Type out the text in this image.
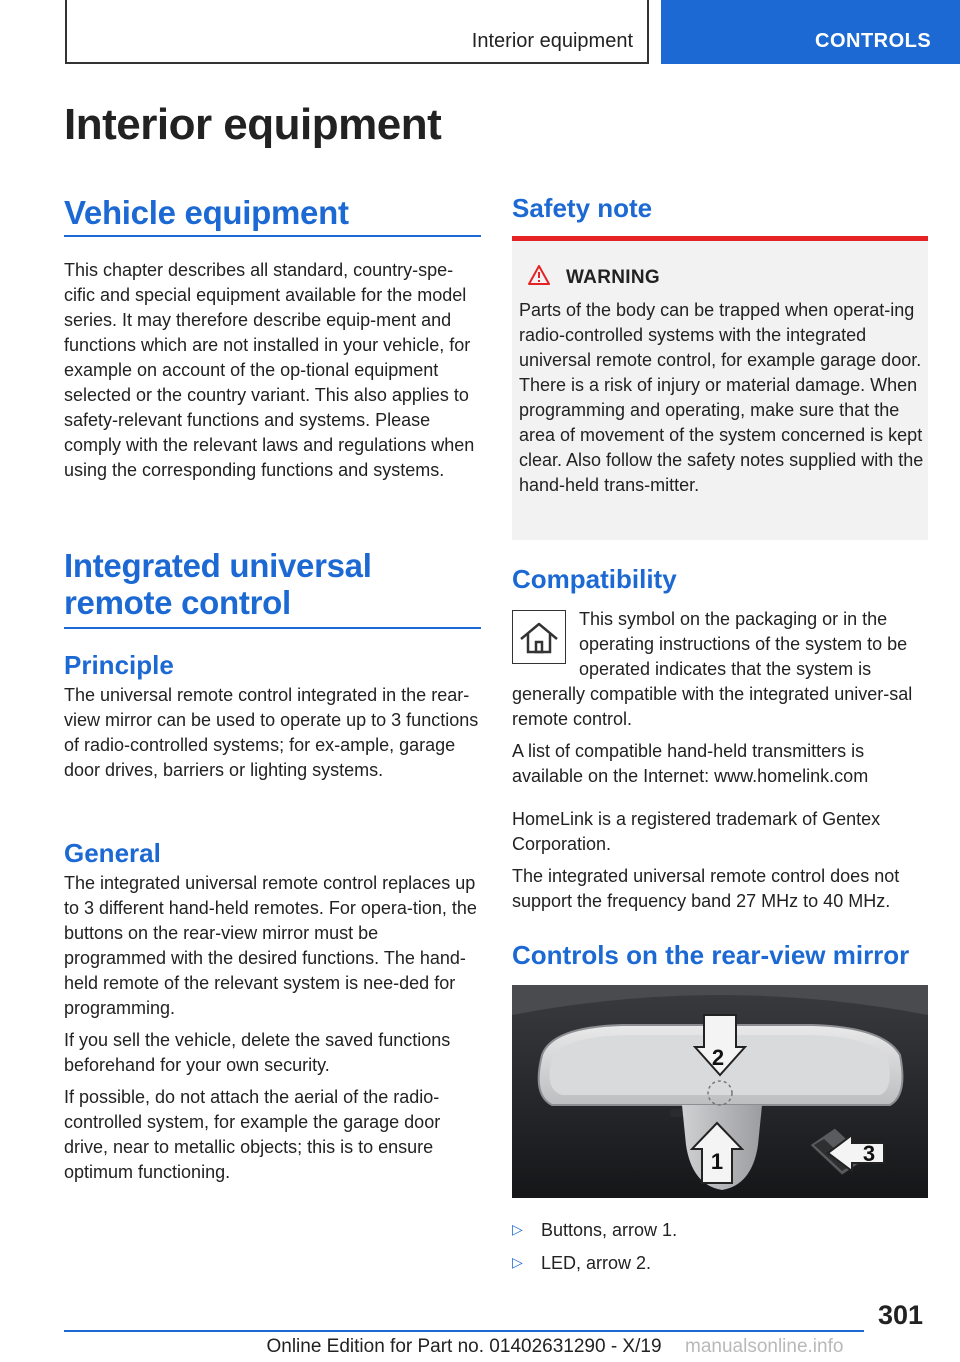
Interior equipment	CONTROLS
Interior equipment
Vehicle equipment

This chapter describes all standard, country-spe-cific and special equipment available for the model series. It may therefore describe equip-ment and functions which are not installed in your vehicle, for example on account of the op-tional equipment selected or the country variant. This also applies to safety-relevant functions and systems. Please comply with the relevant laws and regulations when using the corresponding functions and systems.

Integrated universal remote control
Principle

The universal remote control integrated in the rear-view mirror can be used to operate up to 3 functions of radio-controlled systems; for ex-ample, garage door drives, barriers or lighting systems.

General

The integrated universal remote control replaces up to 3 different hand-held remotes. For opera-tion, the buttons on the rear-view mirror must be programmed with the desired functions. The hand-held remote of the relevant system is nee-ded for programming.

If you sell the vehicle, delete the saved functions beforehand for your own security.

If possible, do not attach the aerial of the radio-controlled system, for example the garage door drive, near to metallic objects; this is to ensure optimum functioning.

Safety note
WARNING
Parts of the body can be trapped when operat-ing radio-controlled systems with the integrated universal remote control, for example garage door. There is a risk of injury or material damage. When programming and operating, make sure that the area of movement of the system concerned is kept clear. Also follow the safety notes supplied with the hand-held trans-mitter.
Compatibility

This symbol on the packaging or in the operating instructions of the system to be operated indicates that the system is

generally compatible with the integrated univer-sal remote control.

A list of compatible hand-held transmitters is available on the Internet: www.homelink.com

HomeLink is a registered trademark of Gentex Corporation.

The integrated universal remote control does not support the frequency band 27 MHz to 40 MHz.

Controls on the rear-view mirror
2
1	3
▷ Buttons, arrow 1.
▷ LED, arrow 2.
301
Online Edition for Part no. 01402631290 - X/19	manualsonline.info
